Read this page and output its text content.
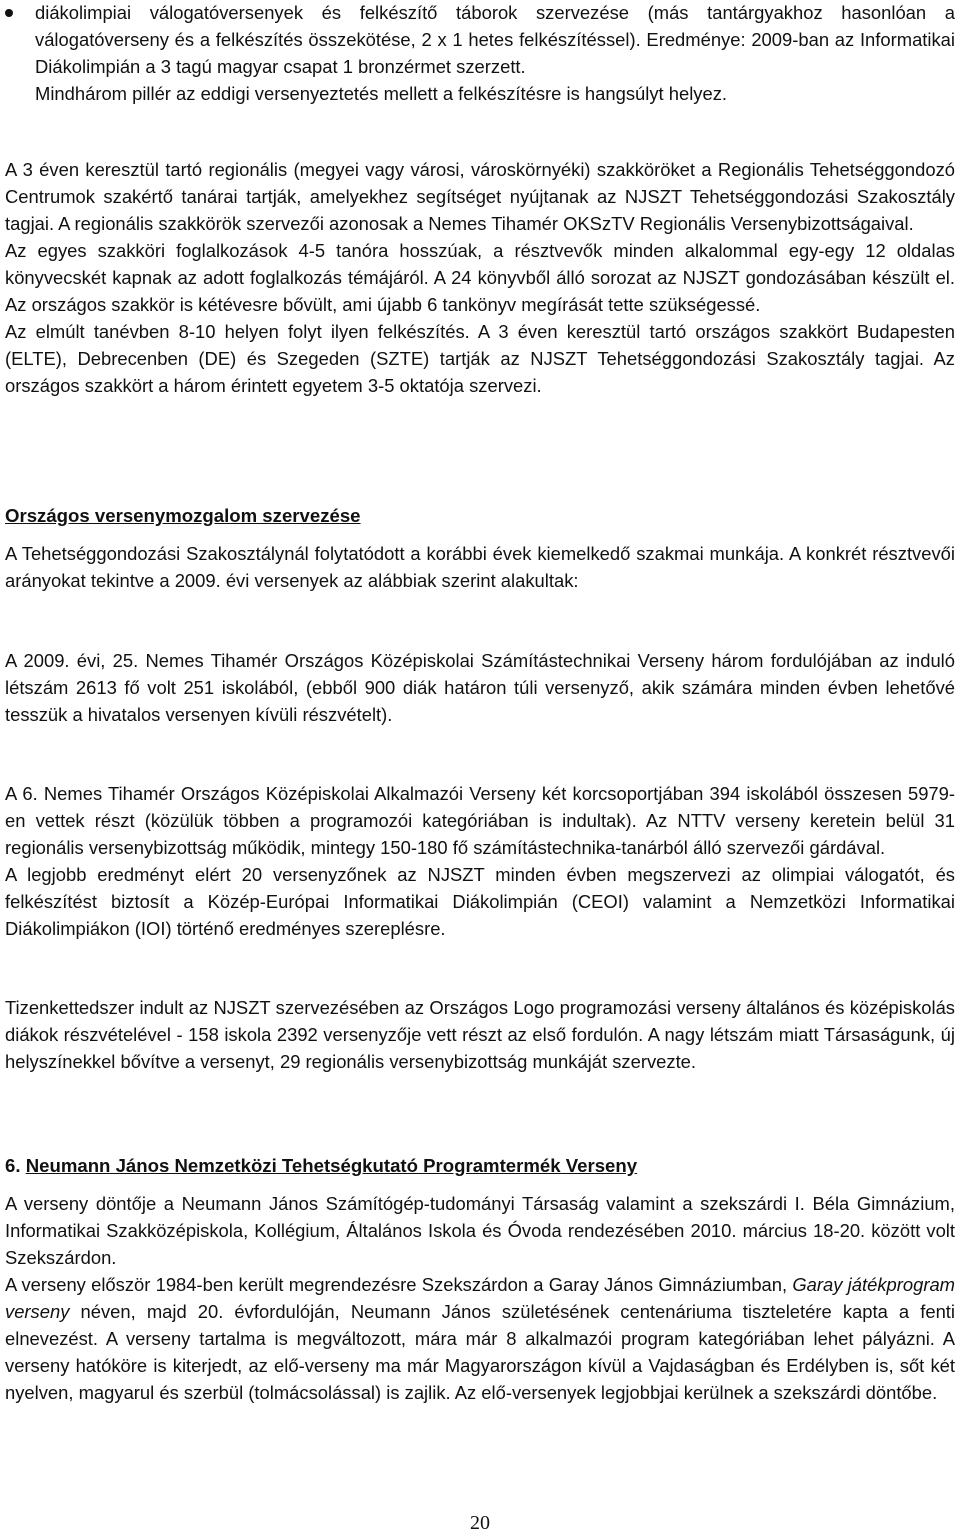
diákolimpiai válogatóversenyek és felkészítő táborok szervezése (más tantárgyakhoz hasonlóan a válogatóverseny és a felkészítés összekötése, 2 x 1 hetes felkészítéssel). Eredménye: 2009-ban az Informatikai Diákolimpián a 3 tagú magyar csapat 1 bronzérmet szerzett.

Mindhárom pillér az eddigi versenyeztetés mellett a felkészítésre is hangsúlyt helyez.

A 3 éven keresztül tartó regionális (megyei vagy városi, városkörnyéki) szakköröket a Regionális Tehetséggondozó Centrumok szakértő tanárai tartják, amelyekhez segítséget nyújtanak az NJSZT Tehetséggondozási Szakosztály tagjai. A regionális szakkörök szervezői azonosak a Nemes Tihamér OKSzTV Regionális Versenybizottságaival.

Az egyes szakköri foglalkozások 4-5 tanóra hosszúak, a résztvevők minden alkalommal egy-egy 12 oldalas könyvecskét kapnak az adott foglalkozás témájáról. A 24 könyvből álló sorozat az NJSZT gondozásában készült el. Az országos szakkör is kétévesre bővült, ami újabb 6 tankönyv megírását tette szükségessé.

Az elmúlt tanévben 8-10 helyen folyt ilyen felkészítés. A 3 éven keresztül tartó országos szakkört Budapesten (ELTE), Debrecenben (DE) és Szegeden (SZTE) tartják az NJSZT Tehetséggondozási Szakosztály tagjai. Az országos szakkört a három érintett egyetem 3-5 oktatója szervezi.

Országos versenymozgalom szervezése

A Tehetséggondozási Szakosztálynál folytatódott a korábbi évek kiemelkedő szakmai munkája. A konkrét résztvevői arányokat tekintve a 2009. évi versenyek az alábbiak szerint alakultak:

A 2009. évi, 25. Nemes Tihamér Országos Középiskolai Számítástechnikai Verseny három fordulójában az induló létszám 2613 fő volt 251 iskolából, (ebből 900 diák határon túli versenyző, akik számára minden évben lehetővé tesszük a hivatalos versenyen kívüli részvételt).

A 6. Nemes Tihamér Országos Középiskolai Alkalmazói Verseny két korcsoportjában 394 iskolából összesen 5979-en vettek részt (közülük többen a programozói kategóriában is indultak). Az NTTV verseny keretein belül 31 regionális versenybizottság működik, mintegy 150-180 fő számítástechnika-tanárból álló szervezői gárdával.

A legjobb eredményt elért 20 versenyzőnek az NJSZT minden évben megszervezi az olimpiai válogatót, és felkészítést biztosít a Közép-Európai Informatikai Diákolimpián (CEOI) valamint a Nemzetközi Informatikai Diákolimpiákon (IOI) történő eredményes szereplésre.

Tizenkettedszer indult az NJSZT szervezésében az Országos Logo programozási verseny általános és középiskolás diákok részvételével - 158 iskola 2392 versenyzője vett részt az első fordulón. A nagy létszám miatt Társaságunk, új helyszínekkel bővítve a versenyt, 29 regionális versenybizottság munkáját szervezte.

6. Neumann János Nemzetközi Tehetségkutató Programtermék Verseny

A verseny döntője a Neumann János Számítógép-tudományi Társaság valamint a szekszárdi I. Béla Gimnázium, Informatikai Szakközépiskola, Kollégium, Általános Iskola és Óvoda rendezésében 2010. március 18-20. között volt Szekszárdon.

A verseny először 1984-ben került megrendezésre Szekszárdon a Garay János Gimnáziumban, Garay játékprogram verseny néven, majd 20. évfordulóján, Neumann János születésének centenáriuma tiszteletére kapta a fenti elnevezést. A verseny tartalma is megváltozott, mára már 8 alkalmazói program kategóriában lehet pályázni. A verseny hatóköre is kiterjedt, az elő-verseny ma már Magyarországon kívül a Vajdaságban és Erdélyben is, sőt két nyelven, magyarul és szerbül (tolmácsolással) is zajlik. Az elő-versenyek legjobbjai kerülnek a szekszárdi döntőbe.

20
